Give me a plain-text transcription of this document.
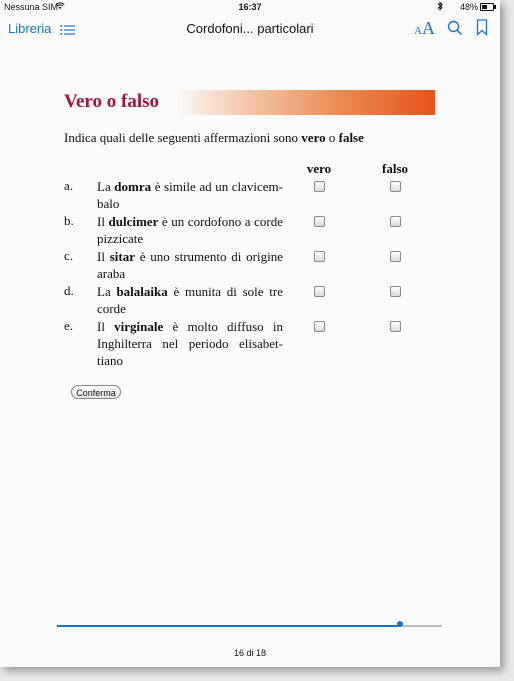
Nessuna SIM	16:37	48%
Libreria	Cordofoni... particolari	AA
Vero o falso
Indica quali delle seguenti affermazioni sono vero o false
vero	falso
a. La domra è simile ad un clavicem-balo
b. Il dulcimer è un cordofono a corde pizzicate
c. Il sitar è uno strumento di origine araba
d. La balalaika è munita di sole tre corde
e. Il virginale è molto diffuso in Inghilterra nel periodo elisabet-tiano
Conferma
16 di 18
